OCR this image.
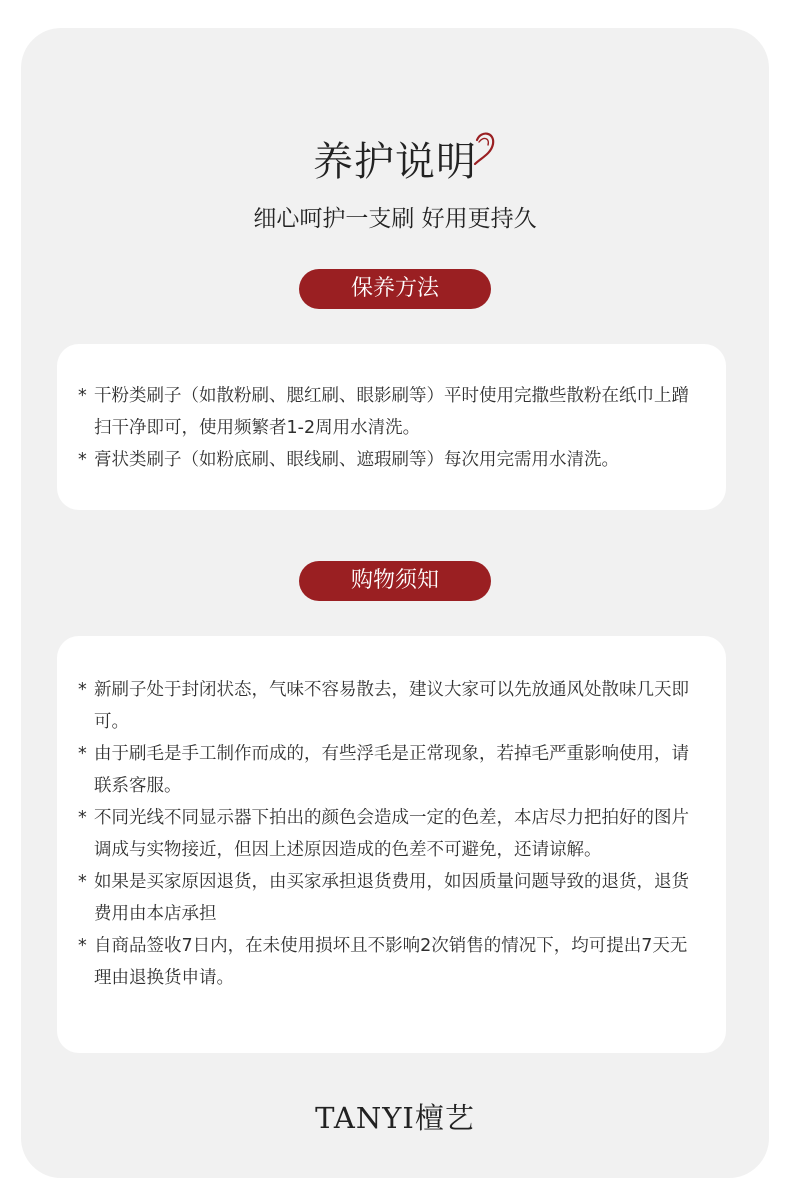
养护说明
细心呵护一支刷 好用更持久
保养方法
* 干粉类刷子（如散粉刷、腮红刷、眼影刷等）平时使用完撒些散粉在纸巾上蹭扫干净即可，使用频繁者1-2周用水清洗。
* 膏状类刷子（如粉底刷、眼线刷、遮瑕刷等）每次用完需用水清洗。
购物须知
* 新刷子处于封闭状态，气味不容易散去，建议大家可以先放通风处散味几天即可。
* 由于刷毛是手工制作而成的，有些浮毛是正常现象，若掉毛严重影响使用，请联系客服。
* 不同光线不同显示器下拍出的颜色会造成一定的色差，本店尽力把拍好的图片调成与实物接近，但因上述原因造成的色差不可避免，还请谅解。
* 如果是买家原因退货，由买家承担退货费用，如因质量问题导致的退货，退货费用由本店承担
* 自商品签收7日内，在未使用损坏且不影响2次销售的情况下，均可提出7天无理由退换货申请。
TANYI檀艺
